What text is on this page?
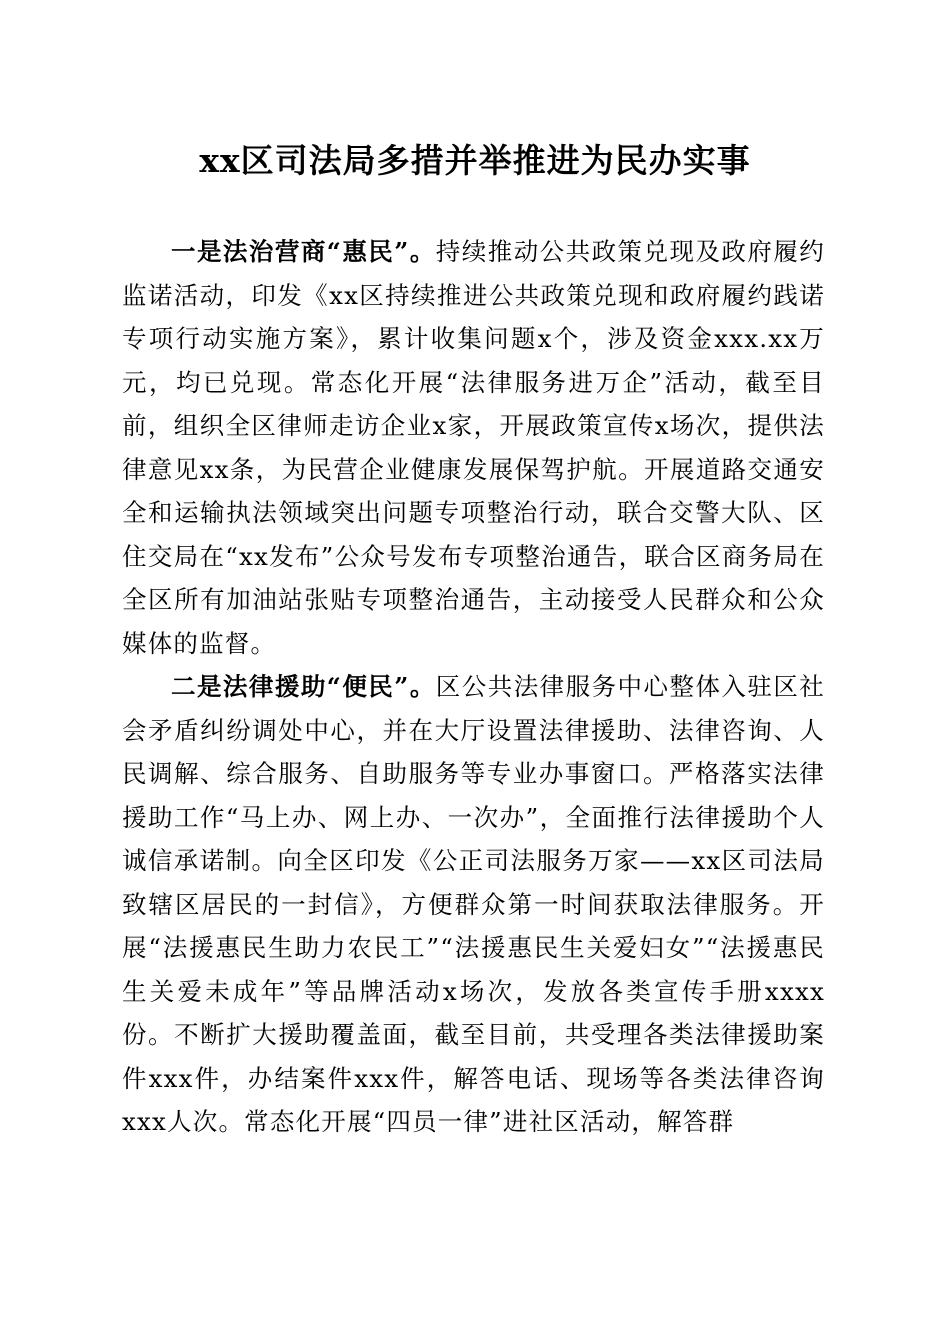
xx区司法局多措并举推进为民办实事

一是法治营商“惠民”。持续推动公共政策兑现及政府履约监诺活动，印发《xx区持续推进公共政策兑现和政府履约践诺专项行动实施方案》，累计收集问题x个，涉及资金xxx.xx万元，均已兑现。常态化开展“法律服务进万企”活动，截至目前，组织全区律师走访企业x家，开展政策宣传x场次，提供法律意见xx条，为民营企业健康发展保驾护航。开展道路交通安全和运输执法领域突出问题专项整治行动，联合交警大队、区住交局在“xx发布”公众号发布专项整治通告，联合区商务局在全区所有加油站张贴专项整治通告，主动接受人民群众和公众媒体的监督。

二是法律援助“便民”。区公共法律服务中心整体入驻区社会矛盾纠纷调处中心，并在大厅设置法律援助、法律咨询、人民调解、综合服务、自助服务等专业办事窗口。严格落实法律援助工作“马上办、网上办、一次办”，全面推行法律援助个人诚信承诺制。向全区印发《公正司法服务万家——xx区司法局致辖区居民的一封信》，方便群众第一时间获取法律服务。开展“法援惠民生助力农民工”“法援惠民生关爱妇女”“法援惠民生关爱未成年”等品牌活动x场次，发放各类宣传手册xxxx份。不断扩大援助覆盖面，截至目前，共受理各类法律援助案件xxx件，办结案件xxx件，解答电话、现场等各类法律咨询xxx人次。常态化开展“四员一律”进社区活动，解答群
